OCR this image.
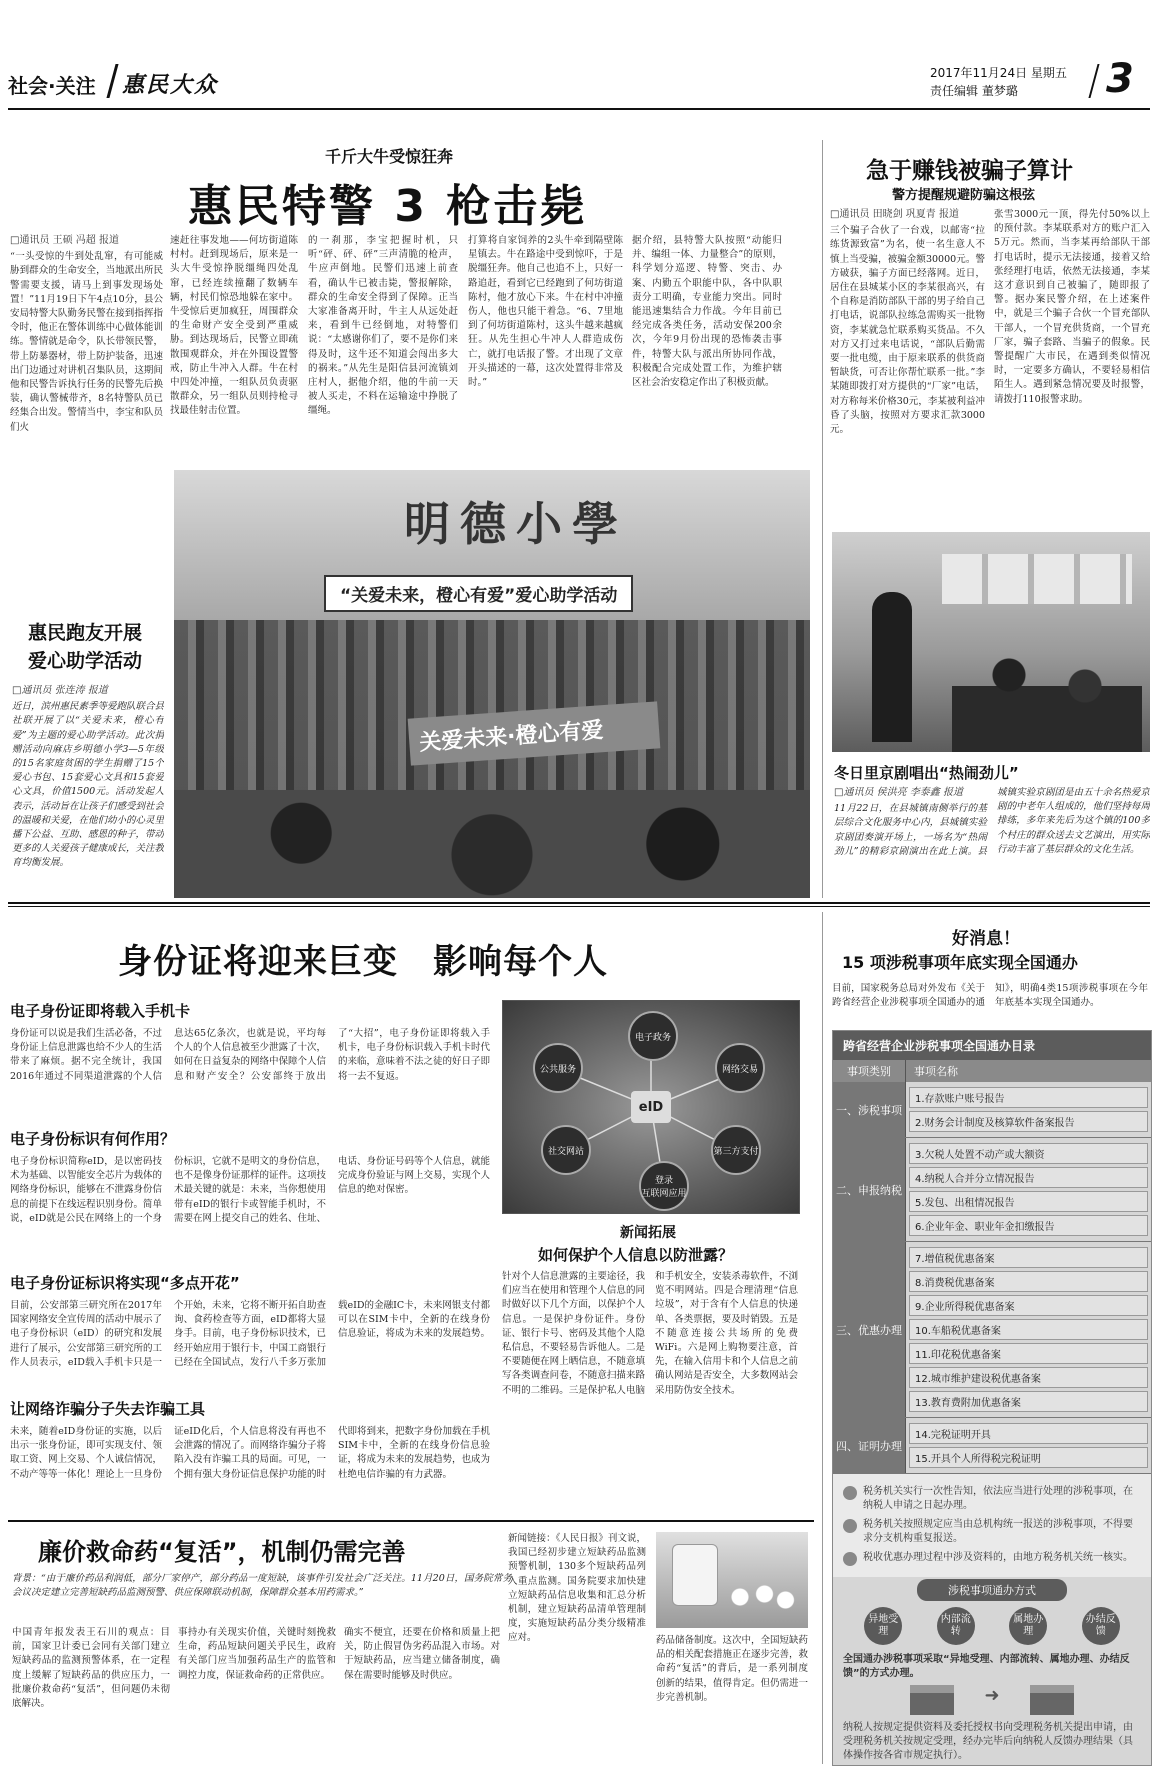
社会·关注 惠民大众	2017年11月24日 星期五
责任编辑 董梦璐 3
千斤大牛受惊狂奔
惠民特警 3 枪击毙
□通讯员 王硕 冯超 报道
“一头受惊的牛到处乱窜，有可能威胁到群众的生命安全，当地派出所民警需要支援，请马上到事发现场处置！”11月19日下午4点10分，县公安局特警大队勤务民警在接到指挥指令时，他正在警体训练中心做体能训练。警情就是命令，队长带领民警，带上防暴器材，带上防护装备，迅速出门边通过对讲机召集队员，这期间他和民警告诉执行任务的民警先后换装，确认警械带齐，8名特警队员已经集合出发。警情当中，李宝和队员们火
速赶往事发地——何坊街道陈村村。赶到现场后，原来是一头大牛受惊挣脱缰绳四处乱窜，已经连续撞翻了数辆车辆，村民们惊恐地躲在家中。牛受惊后更加疯狂，周围群众的生命财产安全受到严重威胁。到达现场后，民警立即疏散围观群众，并在外围设置警戒，防止牛冲入人群。牛在村中四处冲撞，一组队员负责驱散群众，另一组队员则持枪寻找最佳射击位置。
的一刹那，李宝把握时机，只听“砰、砰、砰”三声清脆的枪声，牛应声倒地。民警们迅速上前查看，确认牛已被击毙，警报解除，群众的生命安全得到了保障。正当大家准备离开时，牛主人从远处赶来，看到牛已经倒地，对特警们说：“太感谢你们了，要不是你们来得及时，这牛还不知道会闯出多大的祸来。”从先生是阳信县河流镇刘庄村人，据他介绍，他的牛前一天被人买走，不料在运输途中挣脱了缰绳。
打算将自家饲养的2头牛牵到隔壁陈星镇去。牛在路途中受到惊吓，于是脱缰狂奔。他自己也追不上，只好一路追赶，看到它已经跑到了何坊街道陈村，他才放心下来。牛在村中冲撞伤人，他也只能干着急。“6、7里地到了何坊街道陈村，这头牛越来越疯狂。从先生担心牛冲人人群造成伤亡，就打电话报了警。才出现了文章开头描述的一幕，这次处置得非常及时。”
据介绍，县特警大队按照“动能归并、编组一体、力量整合”的原则，科学划分巡逻、特警、突击、办案、内勤五个职能中队，各中队职责分工明确，专业能力突出。同时能迅速集结合力作战。今年目前已经完成各类任务，活动安保200余次，今年9月份出现的恐怖袭击事件，特警大队与派出所协同作战，积极配合完成处置工作，为维护辖区社会治安稳定作出了积极贡献。
急于赚钱被骗子算计
警方提醒规避防骗这根弦
□通讯员 田晓剑 巩夏青 报道
三个骗子合伙了一台戏，以邮寄“拉练货源致富”为名，使一名生意人不慎上当受骗，被骗金额30000元。警方破获，骗子方面已经落网。近日，居住在县城某小区的李某很高兴，有个自称是消防部队干部的男子给自己打电话，说部队拉练急需购买一批物资，李某就急忙联系购买货品。不久对方又打过来电话说，“部队后勤需要一批电缆，由于原来联系的供货商暂缺货，可否让你帮忙联系一批。”李某随即拨打对方提供的“厂家”电话，对方称每米价格30元，李某被利益冲昏了头脑，按照对方要求汇款3000元。
张雪3000元一顶，得先付50%以上的预付款。李某联系对方的账户汇入5万元。然而，当李某再给部队干部打电话时，提示无法接通，接着又给张经理打电话，依然无法接通，李某这才意识到自己被骗了，随即报了警。据办案民警介绍，在上述案件中，就是三个骗子合伙一个冒充部队干部人，一个冒充供货商，一个冒充厂家，骗子套路、当骗子的假象。民警提醒广大市民，在遇到类似情况时，一定要多方确认，不要轻易相信陌生人。遇到紧急情况要及时报警，请拨打110报警求助。
明德小學
“关爱未来，橙心有爱”爱心助学活动
关爱未来·橙心有爱
惠民跑友开展
爱心助学活动
□通讯员 张连涛 报道
近日，滨州惠民素季等爱跑队联合县社联开展了以“关爱未来，橙心有爱”为主题的爱心助学活动。此次捐赠活动向麻店乡明德小学3—5年级的15名家庭贫困的学生捐赠了15个爱心书包、15套爱心文具和15套爱心文具，价值1500元。活动发起人表示，活动旨在让孩子们感受到社会的温暖和关爱，在他们幼小的心灵里播下公益、互助、感恩的种子，带动更多的人关爱孩子健康成长，关注教育均衡发展。
冬日里京剧唱出“热闹劲儿”
□通讯员 侯洪亮 李泰鑫 报道
11月22日，在县城镇南侧举行的基层综合文化服务中心内，县城镇实验京剧团奏演开场上，一场名为“热闹劲儿”的精彩京剧演出在此上演。县城镇实验京剧团是由五十余名热爱京剧的中老年人组成的，他们坚持每周排练，多年来先后为这个镇的100多个村庄的群众送去文艺演出，用实际行动丰富了基层群众的文化生活。
身份证将迎来巨变　影响每个人
电子身份证即将载入手机卡
身份证可以说是我们生活必备，不过身份证上信息泄露也给不少人的生活带来了麻烦。据不完全统计，我国2016年通过不同渠道泄露的个人信息达65亿条次，也就是说，平均每个人的个人信息被至少泄露了十次，如何在日益复杂的网络中保障个人信息和财产安全？公安部终于放出了“大招”，电子身份证即将载入手机卡，电子身份标识载入手机卡时代的来临，意味着不法之徒的好日子即将一去不复返。
电子身份标识有何作用？
电子身份标识简称eID，是以密码技术为基础、以智能安全芯片为载体的网络身份标识，能够在不泄露身份信息的前提下在线远程识别身份。简单说，eID就是公民在网络上的一个身份标识，它就不是明文的身份信息，也不是像身份证那样的证件。这项技术最关键的就是：未来，当你想使用带有eID的银行卡或智能手机时，不需要在网上提交自己的姓名、住址、电话、身份证号码等个人信息，就能完成身份验证与网上交易，实现个人信息的绝对保密。
电子身份证标识将实现“多点开花”
目前，公安部第三研究所在2017年国家网络安全宣传周的活动中展示了电子身份标识（eID）的研究和发展进行了展示，公安部第三研究所的工作人员表示，eID载入手机卡只是一个开始，未来，它将不断开拓自助查询、食药检查等方面，eID都将大显身手。目前，电子身份标识技术，已经开始应用于银行卡，中国工商银行已经在全国试点，发行八千多万张加载eID的金融IC卡，未来网银支付都可以在SIM卡中，全新的在线身份信息验证，将成为未来的发展趋势。
让网络诈骗分子失去诈骗工具
未来，随着eID身份证的实施，以后出示一张身份证，即可实现支付、领取工资、网上交易、个人诚信情况，不动产等等一体化！理论上一旦身份证eID化后，个人信息将没有再也不会泄露的情况了。而网络诈骗分子将陷入没有诈骗工具的局面。可见，一个拥有强大身份证信息保护功能的时代即将到来，把数字身份加载在手机SIM卡中，全新的在线身份信息验证，将成为未来的发展趋势，也成为杜绝电信诈骗的有力武器。
eID
电子政务
公共服务	网络交易
社交网站	第三方支付
登录
互联网应用
新闻拓展
如何保护个人信息以防泄露？
针对个人信息泄露的主要途径，我们应当在使用和管理个人信息的同时做好以下几个方面，以保护个人信息。一是保护身份证件。身份证、银行卡号、密码及其他个人隐私信息，不要轻易告诉他人。二是不要随便在网上晒信息，不随意填写各类调查问卷，不随意扫描来路不明的二维码。三是保护私人电脑和手机安全，安装杀毒软件，不浏览不明网站。四是合理清理“信息垃圾”，对于含有个人信息的快递单、各类票据，要及时销毁。五是不随意连接公共场所的免费WiFi。六是网上购物要注意，首先，在输入信用卡和个人信息之前确认网站是否安全，大多数网站会采用防伪安全技术。
廉价救命药“复活”，机制仍需完善
背景：“由于廉价药品利润低，部分厂家停产，部分药品一度短缺，该事件引发社会广泛关注。11月20日，国务院常务会议决定建立完善短缺药品监测预警、供应保障联动机制，保障群众基本用药需求。”
中国青年报发表王石川的观点：目前，国家卫计委已会同有关部门建立短缺药品的监测预警体系，在一定程度上缓解了短缺药品的供应压力，一批廉价救命药“复活”，但问题仍未彻底解决。
事持办有关现实价值，关键时刻挽救生命，药品短缺问题关乎民生，政府有关部门应当加强药品生产的监管和调控力度，保证救命药的正常供应。
确实不便宜，还要在价格和质量上把关，防止假冒伪劣药品混入市场。对于短缺药品，应当建立储备制度，确保在需要时能够及时供应。
新闻链接：《人民日报》刊文说，我国已经初步建立短缺药品监测预警机制，130多个短缺药品列入重点监测。国务院要求加快建立短缺药品信息收集和汇总分析机制，建立短缺药品清单管理制度，实施短缺药品分类分级精准应对。	药品储备制度。这次中，全国短缺药品的相关配套措施正在逐步完善，救命药“复活”的背后，是一系列制度创新的结果，值得肯定。但仍需进一步完善机制。
好消息！
15 项涉税事项年底实现全国通办
目前，国家税务总局对外发布《关于跨省经营企业涉税事项全国通办的通知》，明确4类15项涉税事项在今年年底基本实现全国通办。
跨省经营企业涉税事项全国通办目录
事项类别	事项名称
一、涉税事项
1.存款账户账号报告
2.财务会计制度及核算软件备案报告
二、申报纳税
3.欠税人处置不动产或大额资
4.纳税人合并分立情况报告
5.发包、出租情况报告
6.企业年金、职业年金扣缴报告
三、优惠办理
7.增值税优惠备案
8.消费税优惠备案
9.企业所得税优惠备案
10.车船税优惠备案
11.印花税优惠备案
12.城市维护建设税优惠备案
13.教育费附加优惠备案
四、证明办理
14.完税证明开具
15.开具个人所得税完税证明
税务机关实行一次性告知，依法应当进行处理的涉税事项，在纳税人申请之日起办理。
税务机关按照规定应当由总机构统一报送的涉税事项，不得要求分支机构重复报送。
税收优惠办理过程中涉及资料的，由地方税务机关统一核实。
涉税事项通办方式
异地受理
内部流转
属地办理
办结反馈
全国通办涉税事项采取“异地受理、内部流转、属地办理、办结反馈”的方式办理。
➜
纳税人按规定提供资料及委托授权书向受理税务机关提出申请，由受理税务机关按规定受理，经办完毕后向纳税人反馈办理结果（具体操作按各省市规定执行）。
